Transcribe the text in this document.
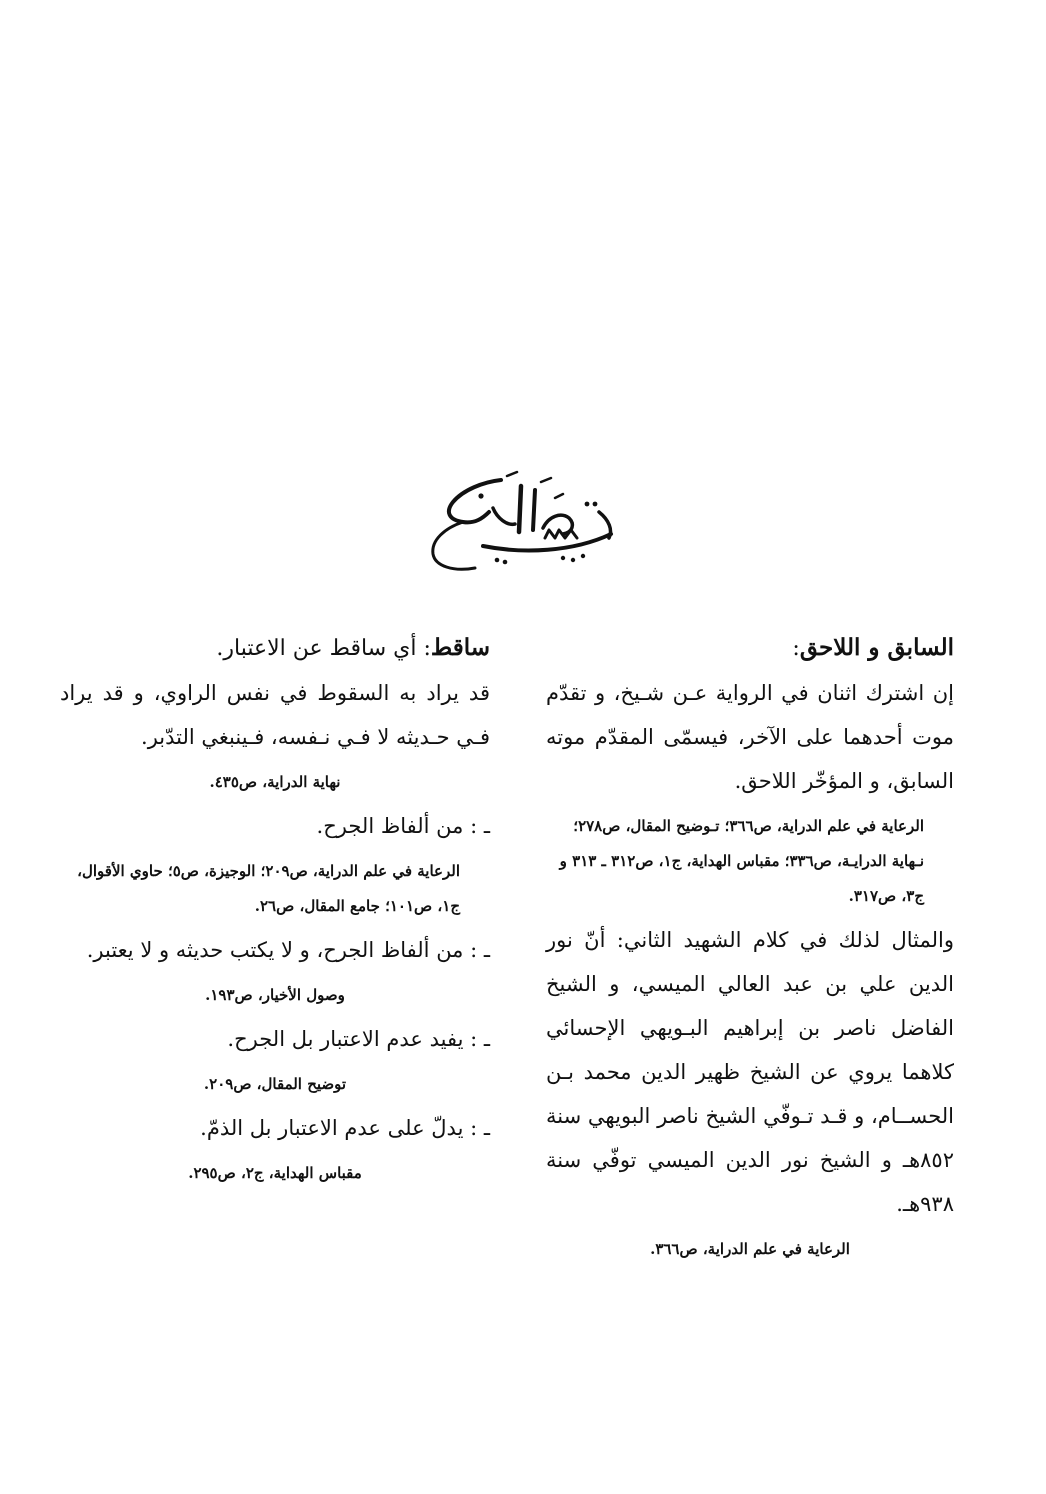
حرف السين
السابق و اللاحق:

إن اشترك اثنان في الرواية عـن شـيخ، و تقدّم موت أحدهما على الآخر، فيسمّى المقدّم موته السابق، و المؤخّر اللاحق.

الرعاية في علم الدراية، ص٣٦٦؛ تـوضيح المقال، ص٢٧٨؛ نـهاية الدرايـة، ص٣٣٦؛ مقباس الهداية، ج١، ص٣١٢ ـ ٣١٣ و ج٣، ص٣١٧.

والمثال لذلك في كلام الشهيد الثاني: أنّ نور الدين علي بن عبد العالي الميسي، و الشيخ الفاضل ناصر بن إبراهيم البـويهي الإحسائي كلاهما يروي عن الشيخ ظهير الدين محمد بـن الحســام، و قـد تـوفّي الشيخ ناصر البويهي سنة ٨٥٢هـ و الشيخ نور الدين الميسي توفّي سنة ٩٣٨هـ.

الرعاية في علم الدراية، ص٣٦٦.

ساقط: أي ساقط عن الاعتبار.

قد يراد به السقوط في نفس الراوي، و قد يراد فـي حـديثه لا فـي نـفسه، فـينبغي التدّبر.

نهاية الدراية، ص٤٣٥.

ـ : من ألفاظ الجرح.

الرعاية في علم الدراية، ص٢٠٩؛ الوجيزة، ص٥؛ حاوي الأقوال، ج١، ص١٠١؛ جامع المقال، ص٢٦.

ـ : من ألفاظ الجرح، و لا يكتب حديثه و لا يعتبر.

وصول الأخيار، ص١٩٣.

ـ : يفيد عدم الاعتبار بل الجرح.

توضيح المقال، ص٢٠٩.

ـ : يدلّ على عدم الاعتبار بل الذمّ.

مقباس الهداية، ج٢، ص٢٩٥.
